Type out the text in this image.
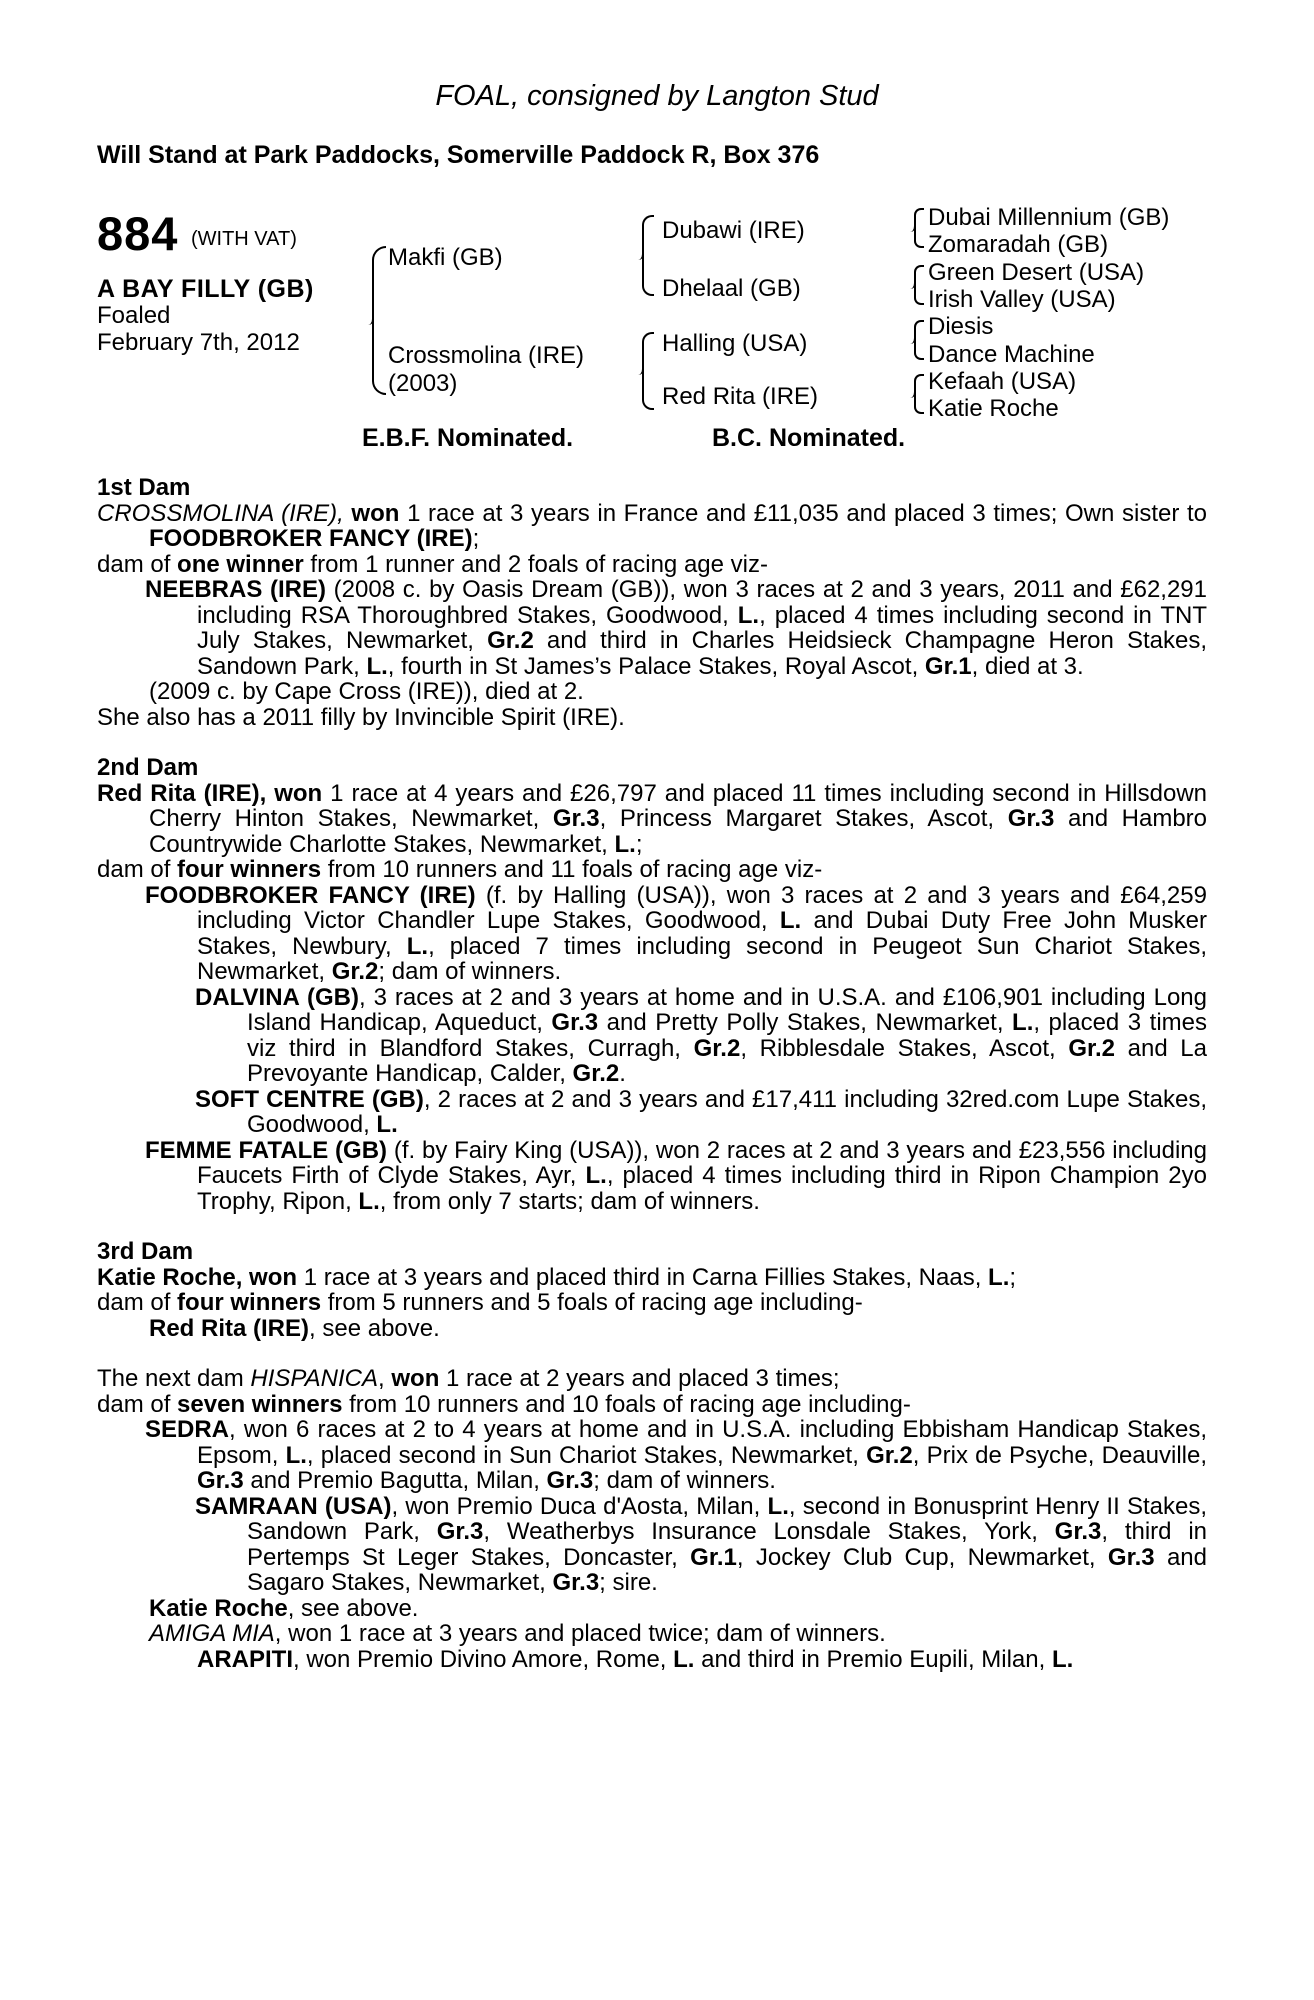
FOAL, consigned by Langton Stud
Will Stand at Park Paddocks, Somerville Paddock R, Box 376
884 (WITH VAT)
A BAY FILLY (GB)
Foaled
February 7th, 2012
Makfi (GB)
Crossmolina (IRE)
(2003)
Dubawi (IRE)
Dhelaal (GB)
Halling (USA)
Red Rita (IRE)
Dubai Millennium (GB)
Zomaradah (GB)
Green Desert (USA)
Irish Valley (USA)
Diesis
Dance Machine
Kefaah (USA)
Katie Roche
E.B.F. Nominated.	B.C. Nominated.
1st Dam

CROSSMOLINA (IRE), won 1 race at 3 years in France and £11,035 and placed 3 times; Own sister to FOODBROKER FANCY (IRE);

dam of one winner from 1 runner and 2 foals of racing age viz-

NEEBRAS (IRE) (2008 c. by Oasis Dream (GB)), won 3 races at 2 and 3 years, 2011 and £62,291 including RSA Thoroughbred Stakes, Goodwood, L., placed 4 times including second in TNT July Stakes, Newmarket, Gr.2 and third in Charles Heidsieck Champagne Heron Stakes, Sandown Park, L., fourth in St James’s Palace Stakes, Royal Ascot, Gr.1, died at 3.

(2009 c. by Cape Cross (IRE)), died at 2.

She also has a 2011 filly by Invincible Spirit (IRE).

2nd Dam

Red Rita (IRE), won 1 race at 4 years and £26,797 and placed 11 times including second in Hillsdown Cherry Hinton Stakes, Newmarket, Gr.3, Princess Margaret Stakes, Ascot, Gr.3 and Hambro Countrywide Charlotte Stakes, Newmarket, L.;

dam of four winners from 10 runners and 11 foals of racing age viz-

FOODBROKER FANCY (IRE) (f. by Halling (USA)), won 3 races at 2 and 3 years and £64,259 including Victor Chandler Lupe Stakes, Goodwood, L. and Dubai Duty Free John Musker Stakes, Newbury, L., placed 7 times including second in Peugeot Sun Chariot Stakes, Newmarket, Gr.2; dam of winners.

DALVINA (GB), 3 races at 2 and 3 years at home and in U.S.A. and £106,901 including Long Island Handicap, Aqueduct, Gr.3 and Pretty Polly Stakes, Newmarket, L., placed 3 times viz third in Blandford Stakes, Curragh, Gr.2, Ribblesdale Stakes, Ascot, Gr.2 and La Prevoyante Handicap, Calder, Gr.2.

SOFT CENTRE (GB), 2 races at 2 and 3 years and £17,411 including 32red.com Lupe Stakes, Goodwood, L.

FEMME FATALE (GB) (f. by Fairy King (USA)), won 2 races at 2 and 3 years and £23,556 including Faucets Firth of Clyde Stakes, Ayr, L., placed 4 times including third in Ripon Champion 2yo Trophy, Ripon, L., from only 7 starts; dam of winners.

3rd Dam

Katie Roche, won 1 race at 3 years and placed third in Carna Fillies Stakes, Naas, L.;

dam of four winners from 5 runners and 5 foals of racing age including-

Red Rita (IRE), see above.

The next dam HISPANICA, won 1 race at 2 years and placed 3 times;

dam of seven winners from 10 runners and 10 foals of racing age including-

SEDRA, won 6 races at 2 to 4 years at home and in U.S.A. including Ebbisham Handicap Stakes, Epsom, L., placed second in Sun Chariot Stakes, Newmarket, Gr.2, Prix de Psyche, Deauville, Gr.3 and Premio Bagutta, Milan, Gr.3; dam of winners.

SAMRAAN (USA), won Premio Duca d'Aosta, Milan, L., second in Bonusprint Henry II Stakes, Sandown Park, Gr.3, Weatherbys Insurance Lonsdale Stakes, York, Gr.3, third in Pertemps St Leger Stakes, Doncaster, Gr.1, Jockey Club Cup, Newmarket, Gr.3 and Sagaro Stakes, Newmarket, Gr.3; sire.

Katie Roche, see above.

AMIGA MIA, won 1 race at 3 years and placed twice; dam of winners.

ARAPITI, won Premio Divino Amore, Rome, L. and third in Premio Eupili, Milan, L.
